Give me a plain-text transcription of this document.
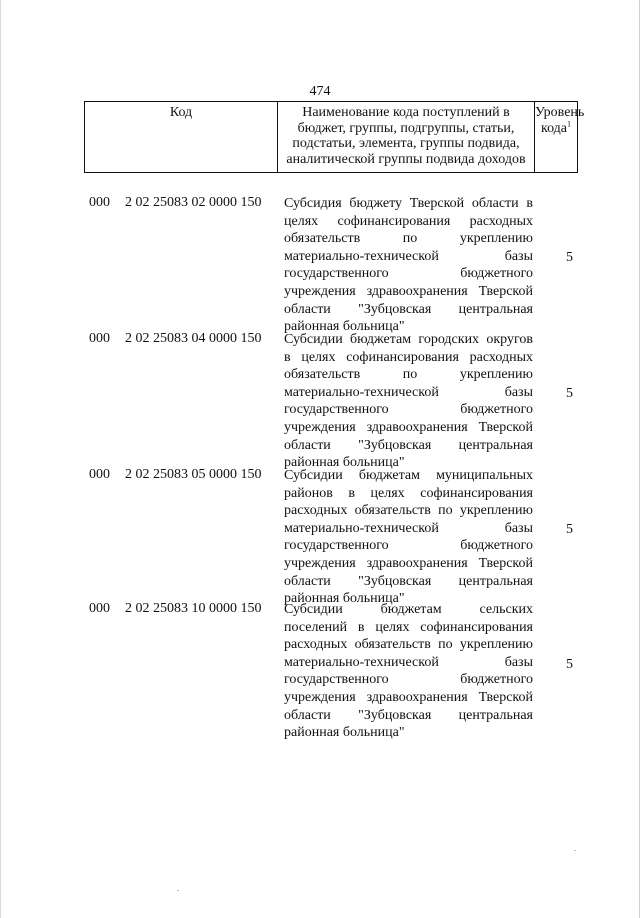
474
Код	Наименование кода поступлений в бюджет, группы, подгруппы, статьи, подстатьи, элемента, группы подвида, аналитической группы подвида доходов
Уровень кода$^1$
000 2 02 25083 02 0000 150 Субсидия бюджету Тверской области в
целях софинансирования расходных
обязательств по укреплению
материально-технической базы
государственного бюджетного
учреждения здравоохранения Тверской
области "Зубцовская центральная
районная больница"
5
000 2 02 25083 04 0000 150 Субсидии бюджетам городских округов
в целях софинансирования расходных
обязательств по укреплению
материально-технической базы
государственного бюджетного
учреждения здравоохранения Тверской
области "Зубцовская центральная
районная больница"
5
000 2 02 25083 05 0000 150 Субсидии бюджетам муниципальных
районов в целях софинансирования
расходных обязательств по укреплению
материально-технической базы
государственного бюджетного
учреждения здравоохранения Тверской
области "Зубцовская центральная
районная больница"
5
000 2 02 25083 10 0000 150 Субсидии бюджетам сельских
поселений в целях софинансирования
расходных обязательств по укреплению
материально-технической базы
государственного бюджетного
учреждения здравоохранения Тверской
области "Зубцовская центральная
районная больница"
5
